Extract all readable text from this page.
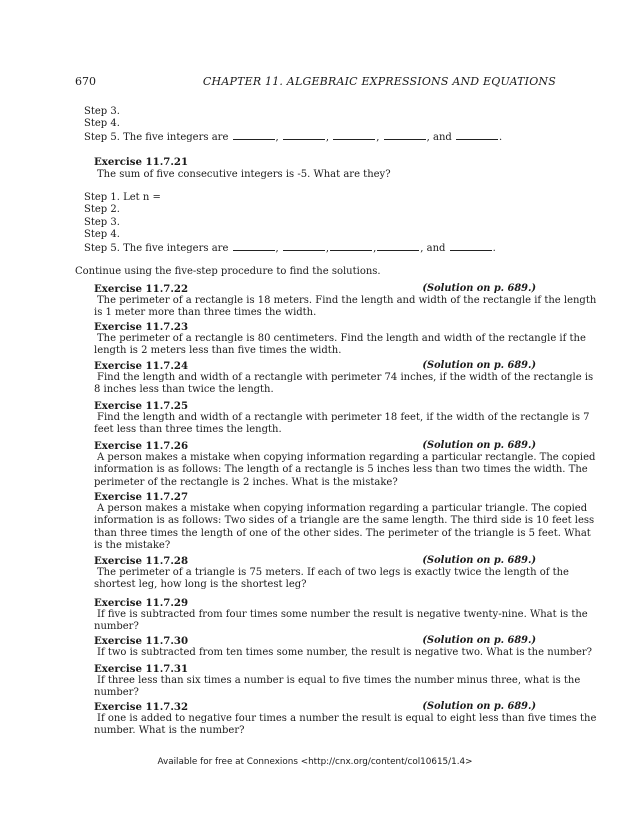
670	CHAPTER 11. ALGEBRAIC EXPRESSIONS AND EQUATIONS
Step 3.
Step 4.
Step 5. The five integers are	,	,	,	, and	.
Exercise 11.7.21
The sum of five consecutive integers is -5. What are they?
Step 1. Let n =
Step 2.
Step 3.
Step 4.
Step 5. The five integers are	,	,	,	, and	.
Continue using the five-step procedure to find the solutions.
Exercise 11.7.22	(Solution on p. 689.)
The perimeter of a rectangle is 18 meters. Find the length and width of the rectangle if the length
is 1 meter more than three times the width.
Exercise 11.7.23
The perimeter of a rectangle is 80 centimeters. Find the length and width of the rectangle if the
length is 2 meters less than five times the width.
Exercise 11.7.24	(Solution on p. 689.)
Find the length and width of a rectangle with perimeter 74 inches, if the width of the rectangle is
8 inches less than twice the length.
Exercise 11.7.25
Find the length and width of a rectangle with perimeter 18 feet, if the width of the rectangle is 7
feet less than three times the length.
Exercise 11.7.26	(Solution on p. 689.)
A person makes a mistake when copying information regarding a particular rectangle. The copied
information is as follows: The length of a rectangle is 5 inches less than two times the width. The
perimeter of the rectangle is 2 inches. What is the mistake?
Exercise 11.7.27
A person makes a mistake when copying information regarding a particular triangle. The copied
information is as follows: Two sides of a triangle are the same length. The third side is 10 feet less
than three times the length of one of the other sides. The perimeter of the triangle is 5 feet. What
is the mistake?
Exercise 11.7.28	(Solution on p. 689.)
The perimeter of a triangle is 75 meters. If each of two legs is exactly twice the length of the
shortest leg, how long is the shortest leg?
Exercise 11.7.29
If five is subtracted from four times some number the result is negative twenty-nine. What is the
number?
Exercise 11.7.30	(Solution on p. 689.)
If two is subtracted from ten times some number, the result is negative two. What is the number?
Exercise 11.7.31
If three less than six times a number is equal to five times the number minus three, what is the
number?
Exercise 11.7.32	(Solution on p. 689.)
If one is added to negative four times a number the result is equal to eight less than five times the
number. What is the number?
Available for free at Connexions <http://cnx.org/content/col10615/1.4>
